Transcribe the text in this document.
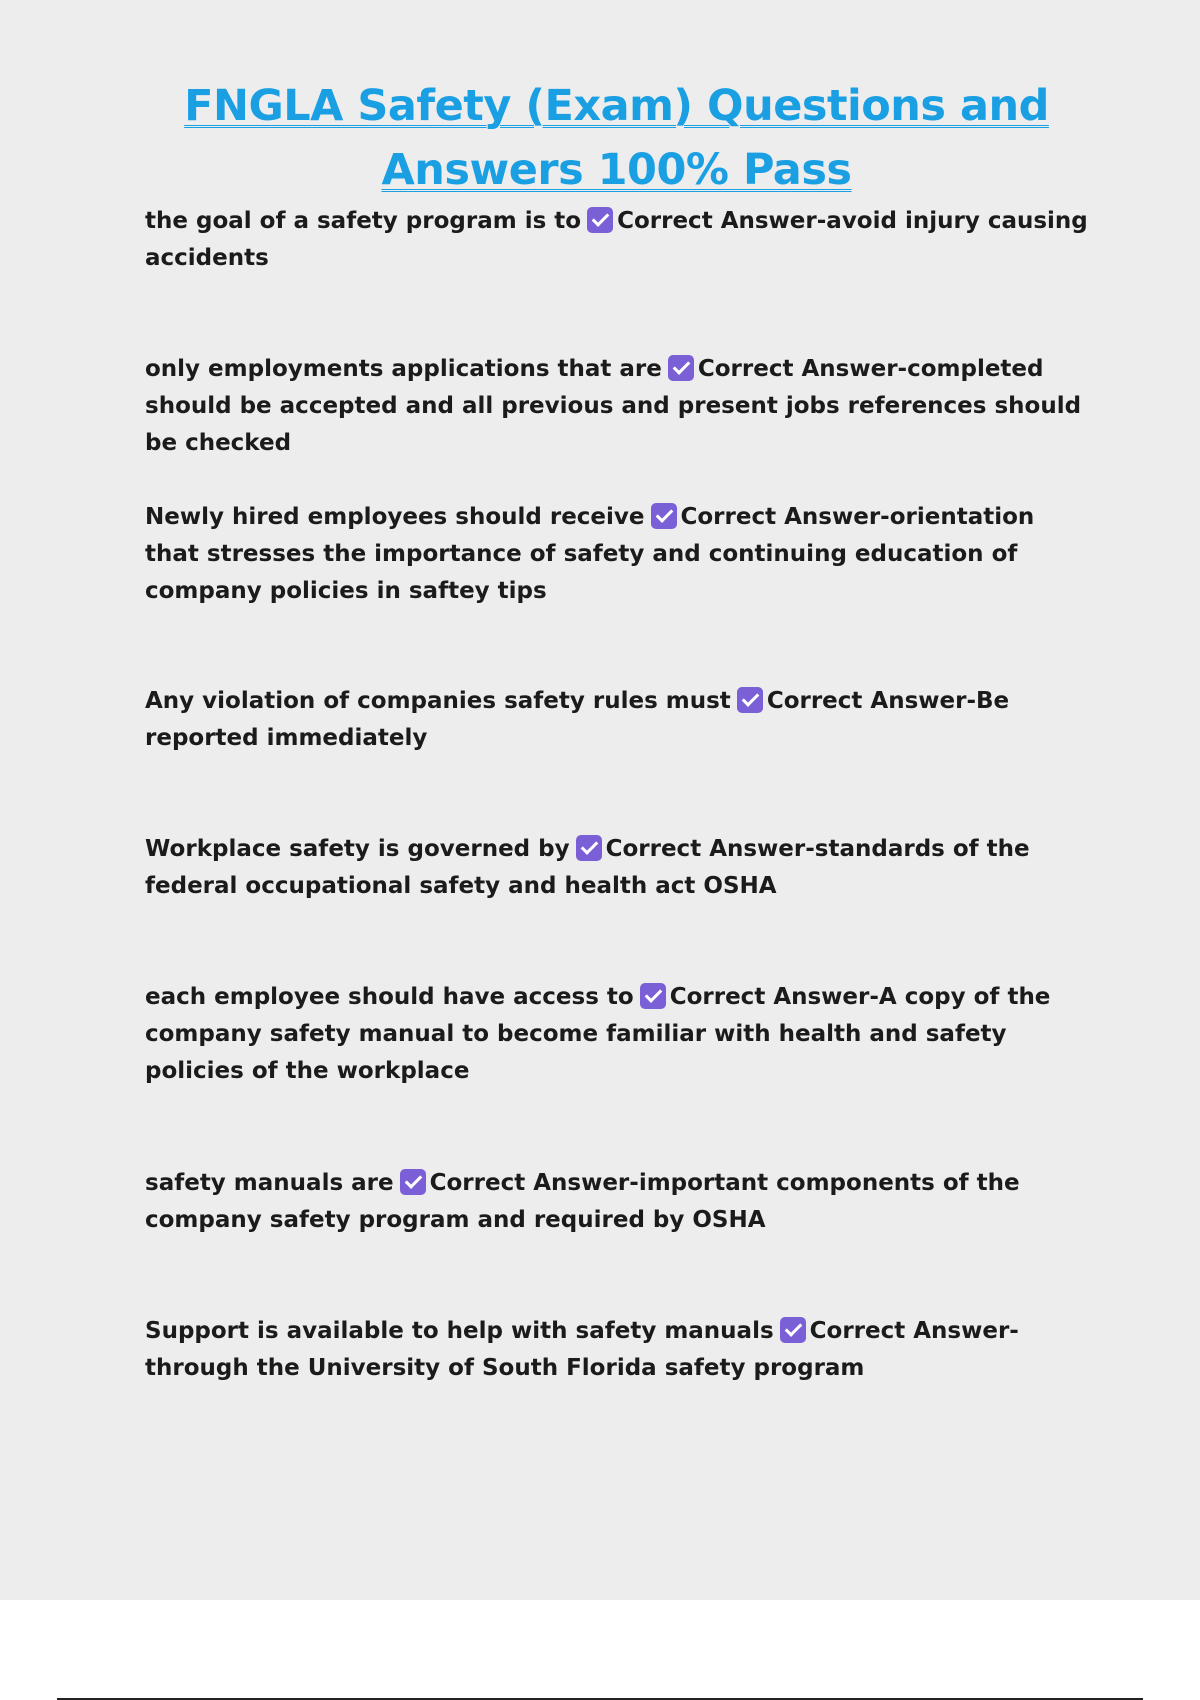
FNGLA Safety (Exam) Questions and
Answers 100% Pass
the goal of a safety program is to Correct Answer-avoid injury causing accidents
only employments applications that are Correct Answer-completed should be accepted and all previous and present jobs references should be checked
Newly hired employees should receive Correct Answer-orientation that stresses the importance of safety and continuing education of company policies in saftey tips
Any violation of companies safety rules must Correct Answer-Be reported immediately
Workplace safety is governed by Correct Answer-standards of the federal occupational safety and health act OSHA
each employee should have access to Correct Answer-A copy of the company safety manual to become familiar with health and safety policies of the workplace
safety manuals are Correct Answer-important components of the company safety program and required by OSHA
Support is available to help with safety manuals Correct Answer-through the University of South Florida safety program
